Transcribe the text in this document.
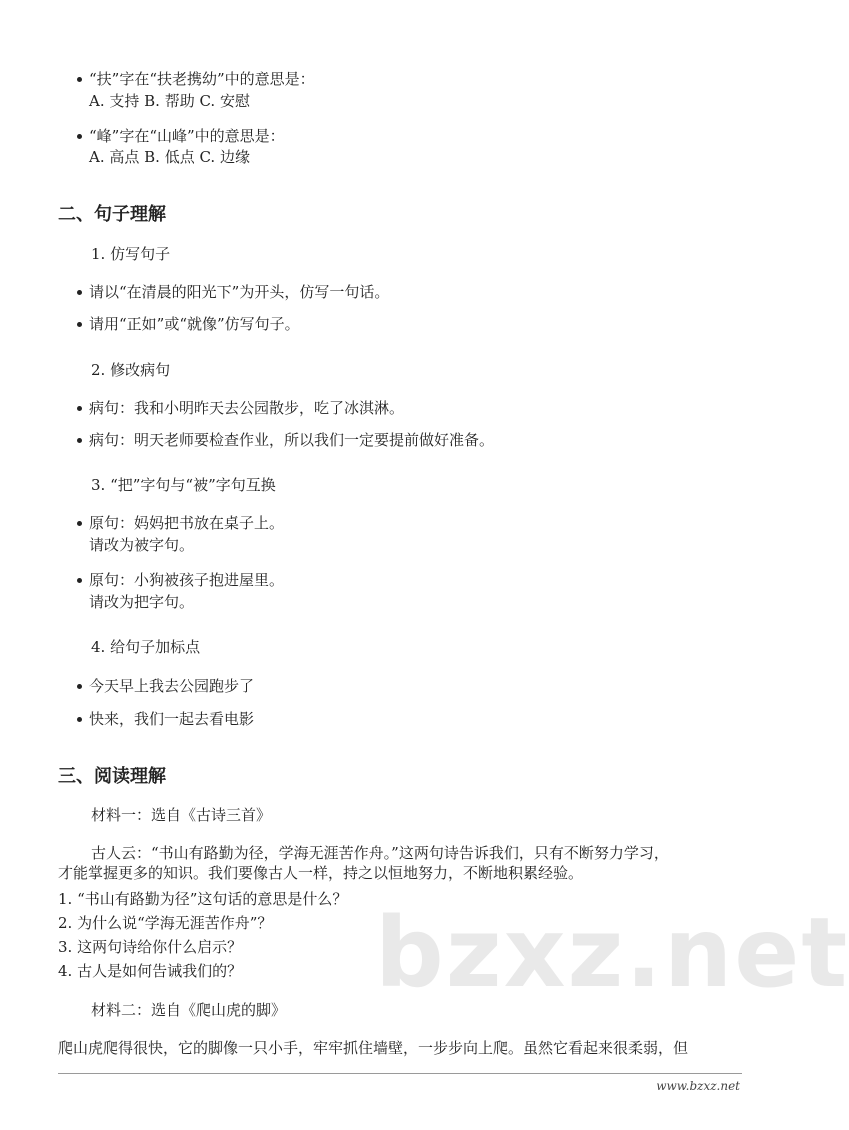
“扶”字在“扶老携幼”中的意思是：
A. 支持 B. 帮助 C. 安慰
“峰”字在“山峰”中的意思是：
A. 高点 B. 低点 C. 边缘
二、句子理解
1. 仿写句子
请以“在清晨的阳光下”为开头，仿写一句话。
请用“正如”或“就像”仿写句子。
2. 修改病句
病句：我和小明昨天去公园散步，吃了冰淇淋。
病句：明天老师要检查作业，所以我们一定要提前做好准备。
3. “把”字句与“被”字句互换
原句：妈妈把书放在桌子上。
请改为被字句。
原句：小狗被孩子抱进屋里。
请改为把字句。
4. 给句子加标点
今天早上我去公园跑步了
快来，我们一起去看电影
三、阅读理解
材料一：选自《古诗三首》
古人云：“书山有路勤为径，学海无涯苦作舟。”这两句诗告诉我们，只有不断努力学习，
才能掌握更多的知识。我们要像古人一样，持之以恒地努力，不断地积累经验。
1. “书山有路勤为径”这句话的意思是什么？
2. 为什么说“学海无涯苦作舟”？
3. 这两句诗给你什么启示？
4. 古人是如何告诫我们的？ bzxz.net
材料二：选自《爬山虎的脚》
爬山虎爬得很快，它的脚像一只小手，牢牢抓住墙壁，一步步向上爬。虽然它看起来很柔弱，但
www.bzxz.net
